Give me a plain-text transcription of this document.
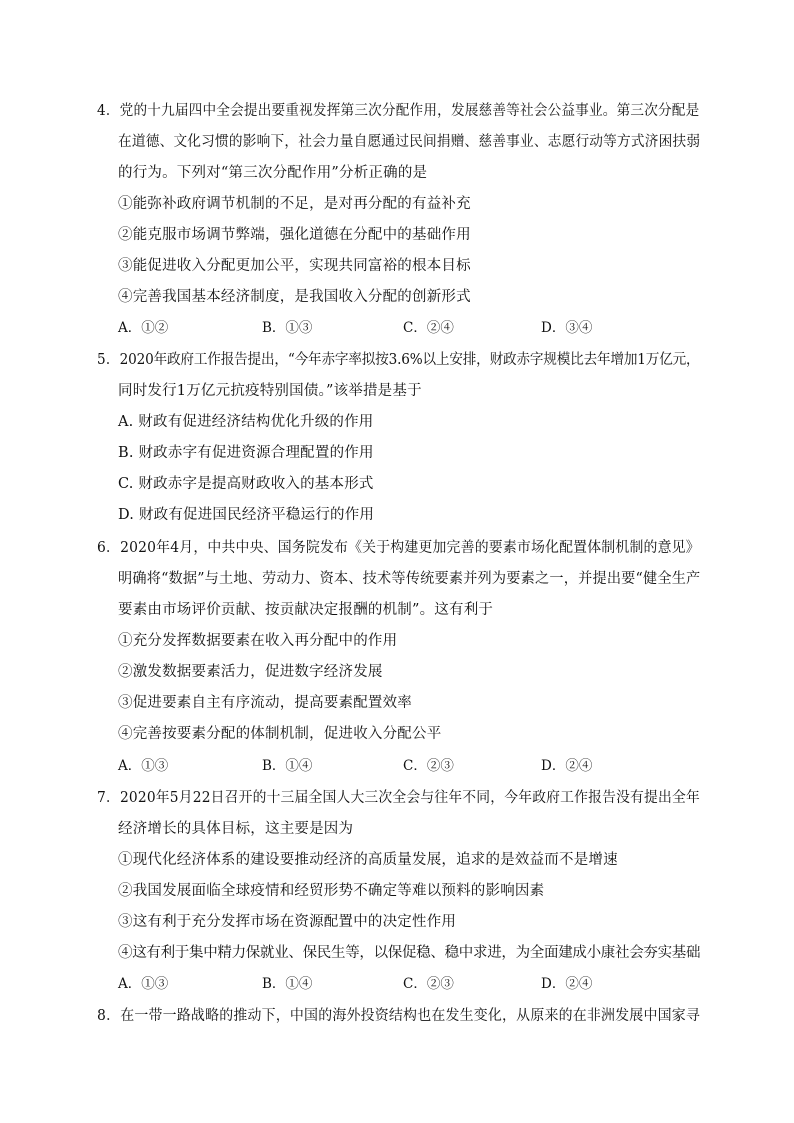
4．党的十九届四中全会提出要重视发挥第三次分配作用，发展慈善等社会公益事业。第三次分配是
在道德、文化习惯的影响下，社会力量自愿通过民间捐赠、慈善事业、志愿行动等方式济困扶弱
的行为。下列对“第三次分配作用”分析正确的是
①能弥补政府调节机制的不足，是对再分配的有益补充
②能克服市场调节弊端，强化道德在分配中的基础作用
③能促进收入分配更加公平，实现共同富裕的根本目标
④完善我国基本经济制度，是我国收入分配的创新形式
A．①②	B．①③	C．②④	D．③④
5．2020年政府工作报告提出，“今年赤字率拟按3.6%以上安排，财政赤字规模比去年增加1万亿元，
同时发行1万亿元抗疫特别国债。”该举措是基于
A. 财政有促进经济结构优化升级的作用
B. 财政赤字有促进资源合理配置的作用
C. 财政赤字是提高财政收入的基本形式
D. 财政有促进国民经济平稳运行的作用
6．2020年4月，中共中央、国务院发布《关于构建更加完善的要素市场化配置体制机制的意见》
明确将“数据”与土地、劳动力、资本、技术等传统要素并列为要素之一，并提出要“健全生产
要素由市场评价贡献、按贡献决定报酬的机制”。这有利于
①充分发挥数据要素在收入再分配中的作用
②激发数据要素活力，促进数字经济发展
③促进要素自主有序流动，提高要素配置效率
④完善按要素分配的体制机制，促进收入分配公平
A．①③	B．①④	C．②③	D．②④
7．2020年5月22日召开的十三届全国人大三次全会与往年不同，今年政府工作报告没有提出全年
经济增长的具体目标，这主要是因为
①现代化经济体系的建设要推动经济的高质量发展，追求的是效益而不是增速
②我国发展面临全球疫情和经贸形势不确定等难以预料的影响因素
③这有利于充分发挥市场在资源配置中的决定性作用
④这有利于集中精力保就业、保民生等，以保促稳、稳中求进，为全面建成小康社会夯实基础
A．①③	B．①④	C．②③	D．②④
8．在一带一路战略的推动下，中国的海外投资结构也在发生变化，从原来的在非洲发展中国家寻
